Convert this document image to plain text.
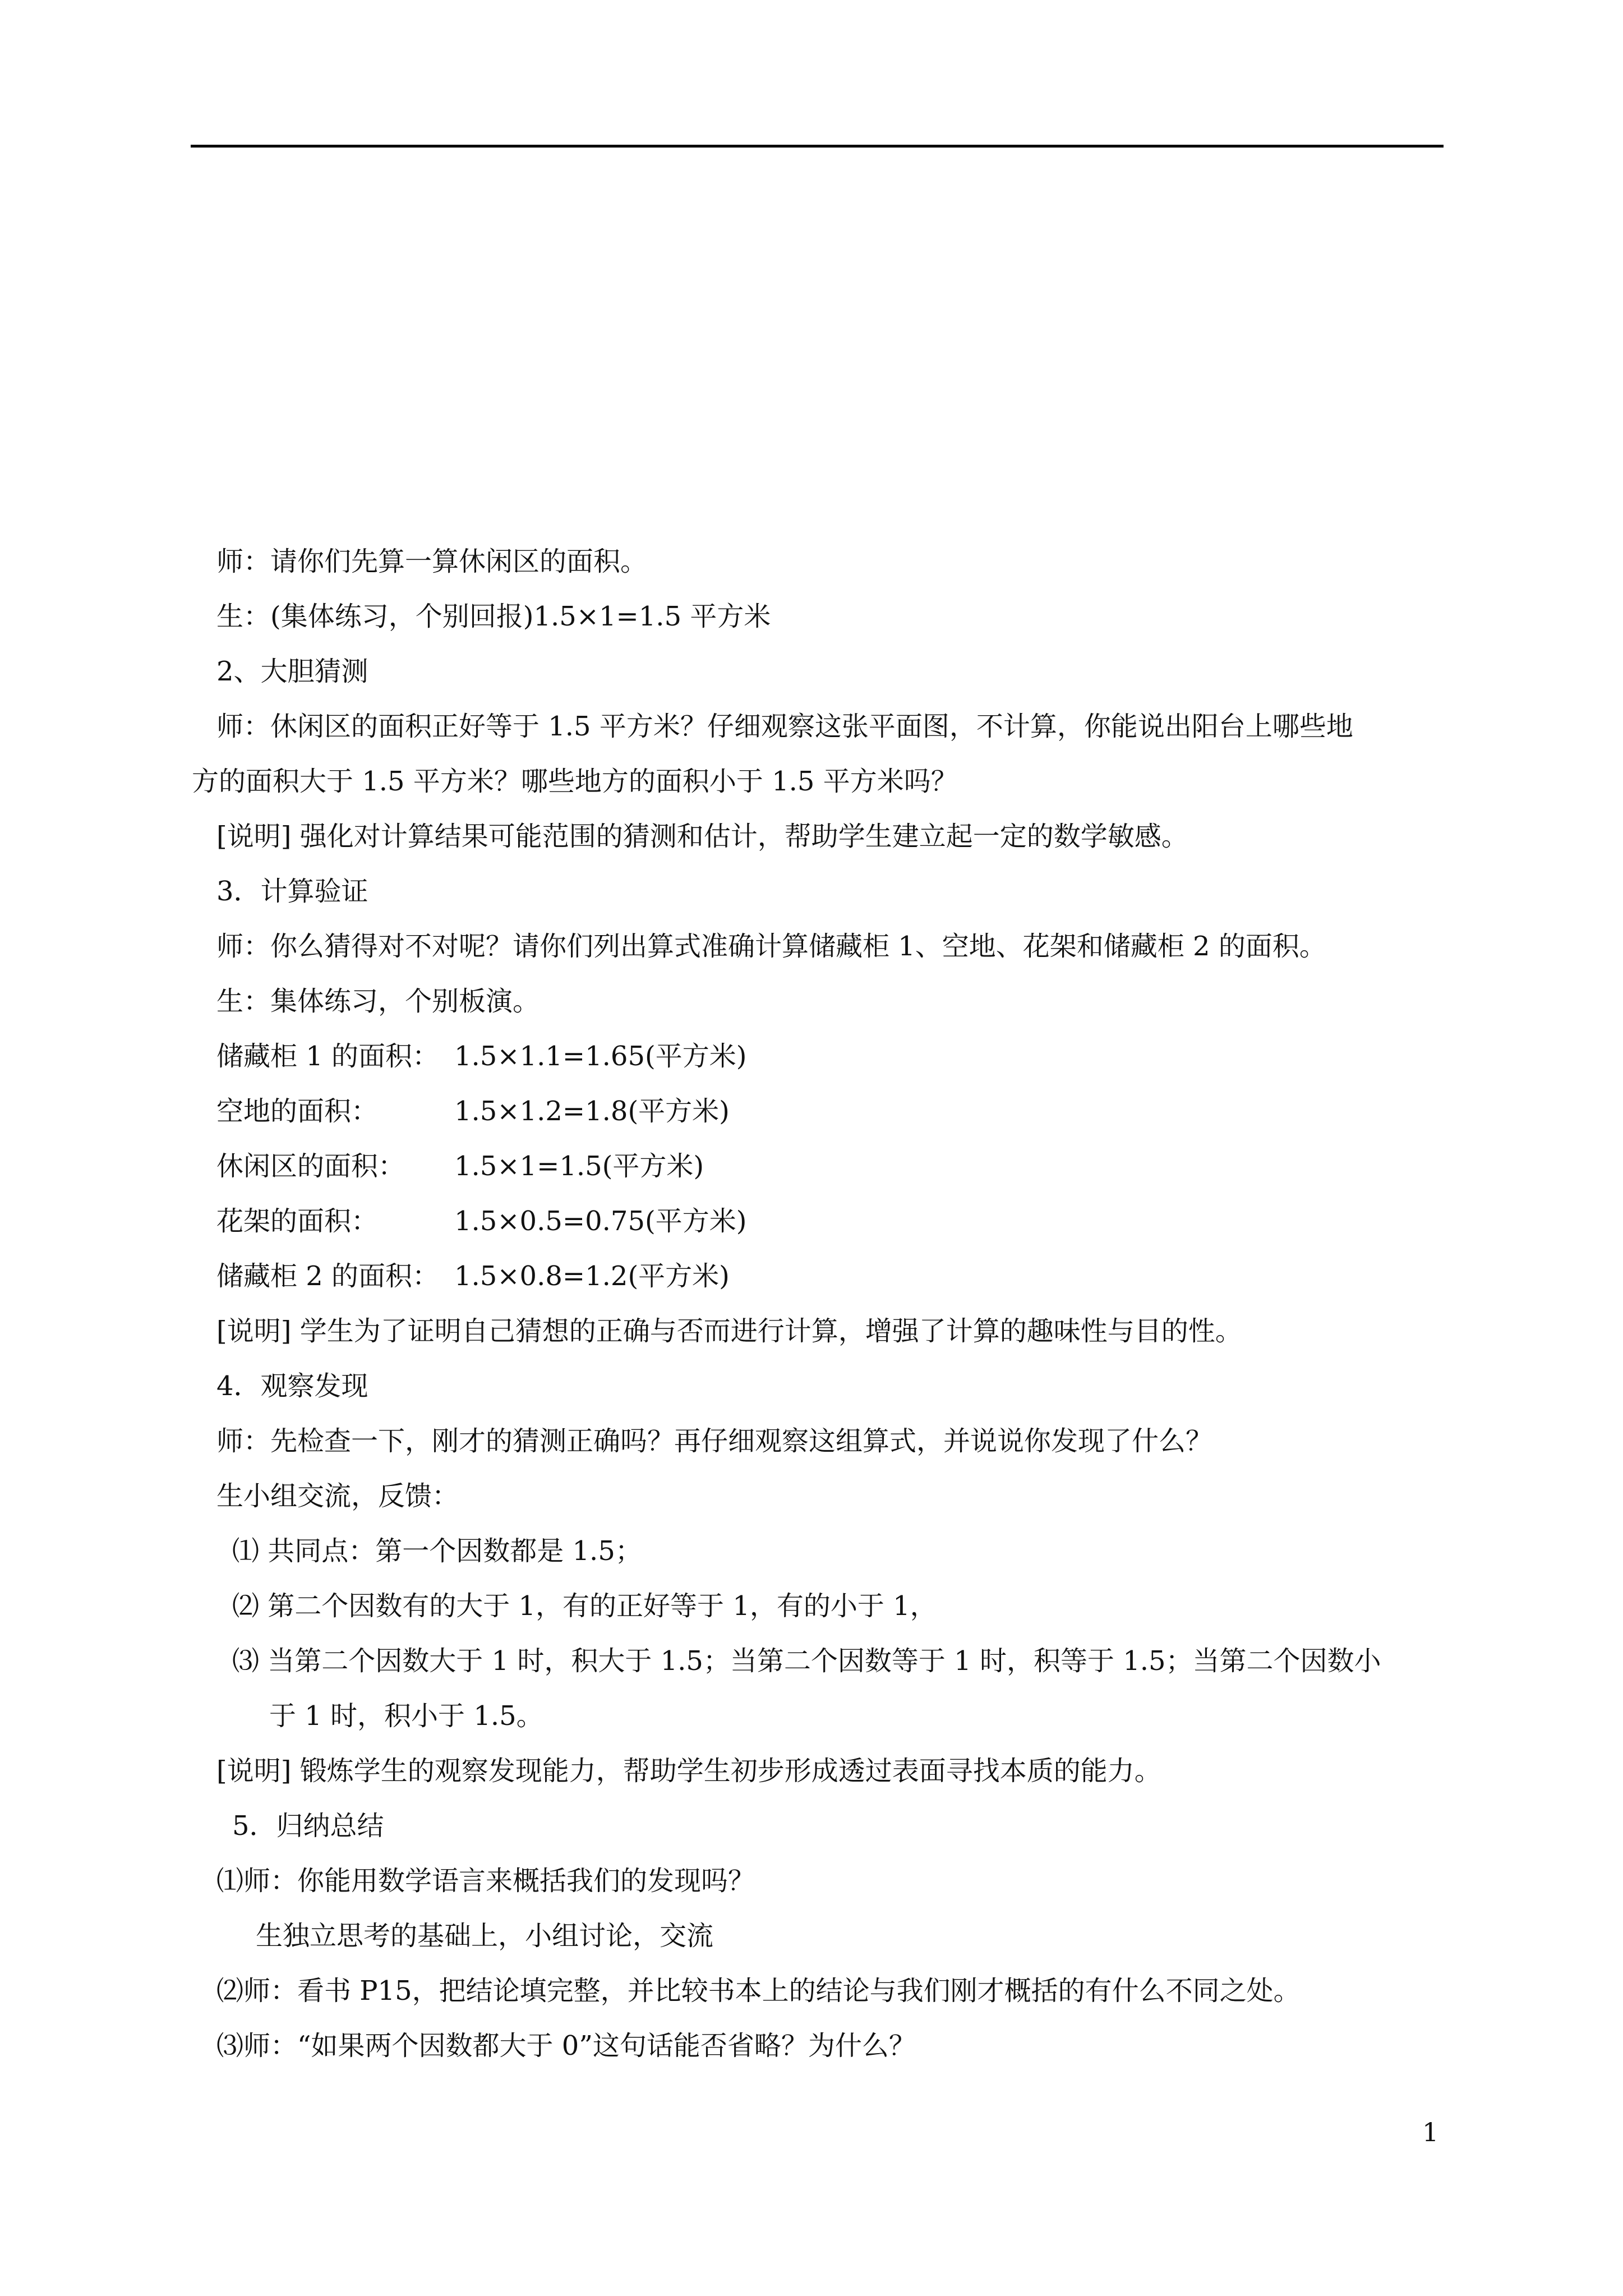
师：请你们先算一算休闲区的面积。
生：(集体练习，个别回报)1.5×1=1.5 平方米
2、大胆猜测
师：休闲区的面积正好等于 1.5 平方米？仔细观察这张平面图，不计算，你能说出阳台上哪些地
方的面积大于 1.5 平方米？哪些地方的面积小于 1.5 平方米吗？
[说明] 强化对计算结果可能范围的猜测和估计，帮助学生建立起一定的数学敏感。
3．计算验证
师：你么猜得对不对呢？请你们列出算式准确计算储藏柜 1、空地、花架和储藏柜 2 的面积。
生：集体练习，个别板演。
储藏柜 1 的面积： 1.5×1.1=1.65(平方米)
空地的面积：	1.5×1.2=1.8(平方米)
休闲区的面积：	1.5×1=1.5(平方米)
花架的面积：	1.5×0.5=0.75(平方米)
储藏柜 2 的面积： 1.5×0.8=1.2(平方米)
[说明] 学生为了证明自己猜想的正确与否而进行计算，增强了计算的趣味性与目的性。
4．观察发现
师：先检查一下，刚才的猜测正确吗？再仔细观察这组算式，并说说你发现了什么？
生小组交流，反馈：
⑴ 共同点：第一个因数都是 1.5；
⑵ 第二个因数有的大于 1，有的正好等于 1，有的小于 1，
⑶ 当第二个因数大于 1 时，积大于 1.5；当第二个因数等于 1 时，积等于 1.5；当第二个因数小
于 1 时，积小于 1.5。
[说明] 锻炼学生的观察发现能力，帮助学生初步形成透过表面寻找本质的能力。
5．归纳总结
⑴师：你能用数学语言来概括我们的发现吗？
生独立思考的基础上，小组讨论，交流
⑵师：看书 P15，把结论填完整，并比较书本上的结论与我们刚才概括的有什么不同之处。
⑶师：“如果两个因数都大于 0”这句话能否省略？为什么？
1
